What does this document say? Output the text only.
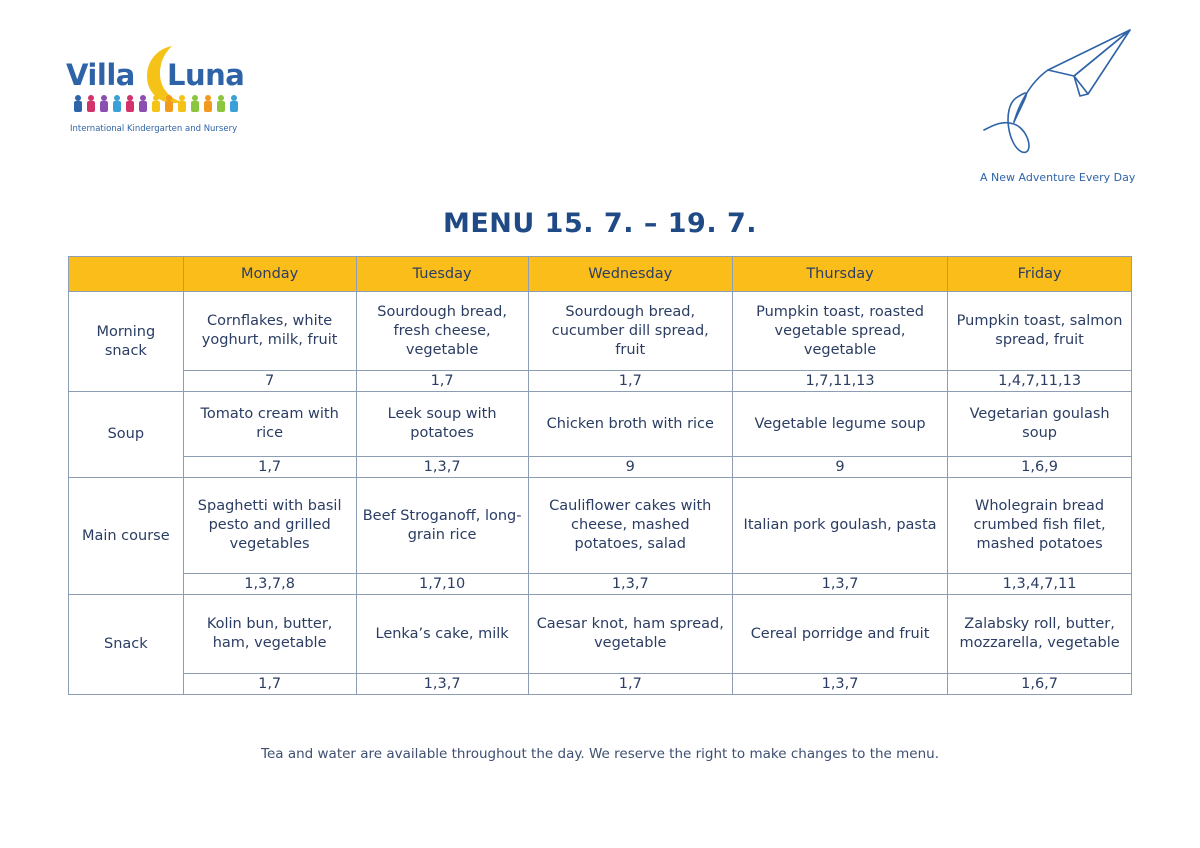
Villa Luna
International Kindergarten and Nursery
A New Adventure Every Day
MENU 15. 7. – 19. 7.
	Monday	Tuesday	Wednesday	Thursday	Friday
Morning snack	Cornflakes, white yoghurt, milk, fruit	Sourdough bread, fresh cheese, vegetable	Sourdough bread, cucumber dill spread, fruit	Pumpkin toast, roasted vegetable spread, vegetable	Pumpkin toast, salmon spread, fruit
	7	1,7	1,7	1,7,11,13	1,4,7,11,13
Soup	Tomato cream with rice	Leek soup with potatoes	Chicken broth with rice	Vegetable legume soup	Vegetarian goulash soup
	1,7	1,3,7	9	9	1,6,9
Main course	Spaghetti with basil pesto and grilled vegetables	Beef Stroganoff, long-grain rice	Cauliflower cakes with cheese, mashed potatoes, salad	Italian pork goulash, pasta	Wholegrain bread crumbed fish filet, mashed potatoes
	1,3,7,8	1,7,10	1,3,7	1,3,7	1,3,4,7,11
Snack	Kolin bun, butter, ham, vegetable	Lenka’s cake, milk	Caesar knot, ham spread, vegetable	Cereal porridge and fruit	Zalabsky roll, butter, mozzarella, vegetable
	1,7	1,3,7	1,7	1,3,7	1,6,7
Tea and water are available throughout the day. We reserve the right to make changes to the menu.
